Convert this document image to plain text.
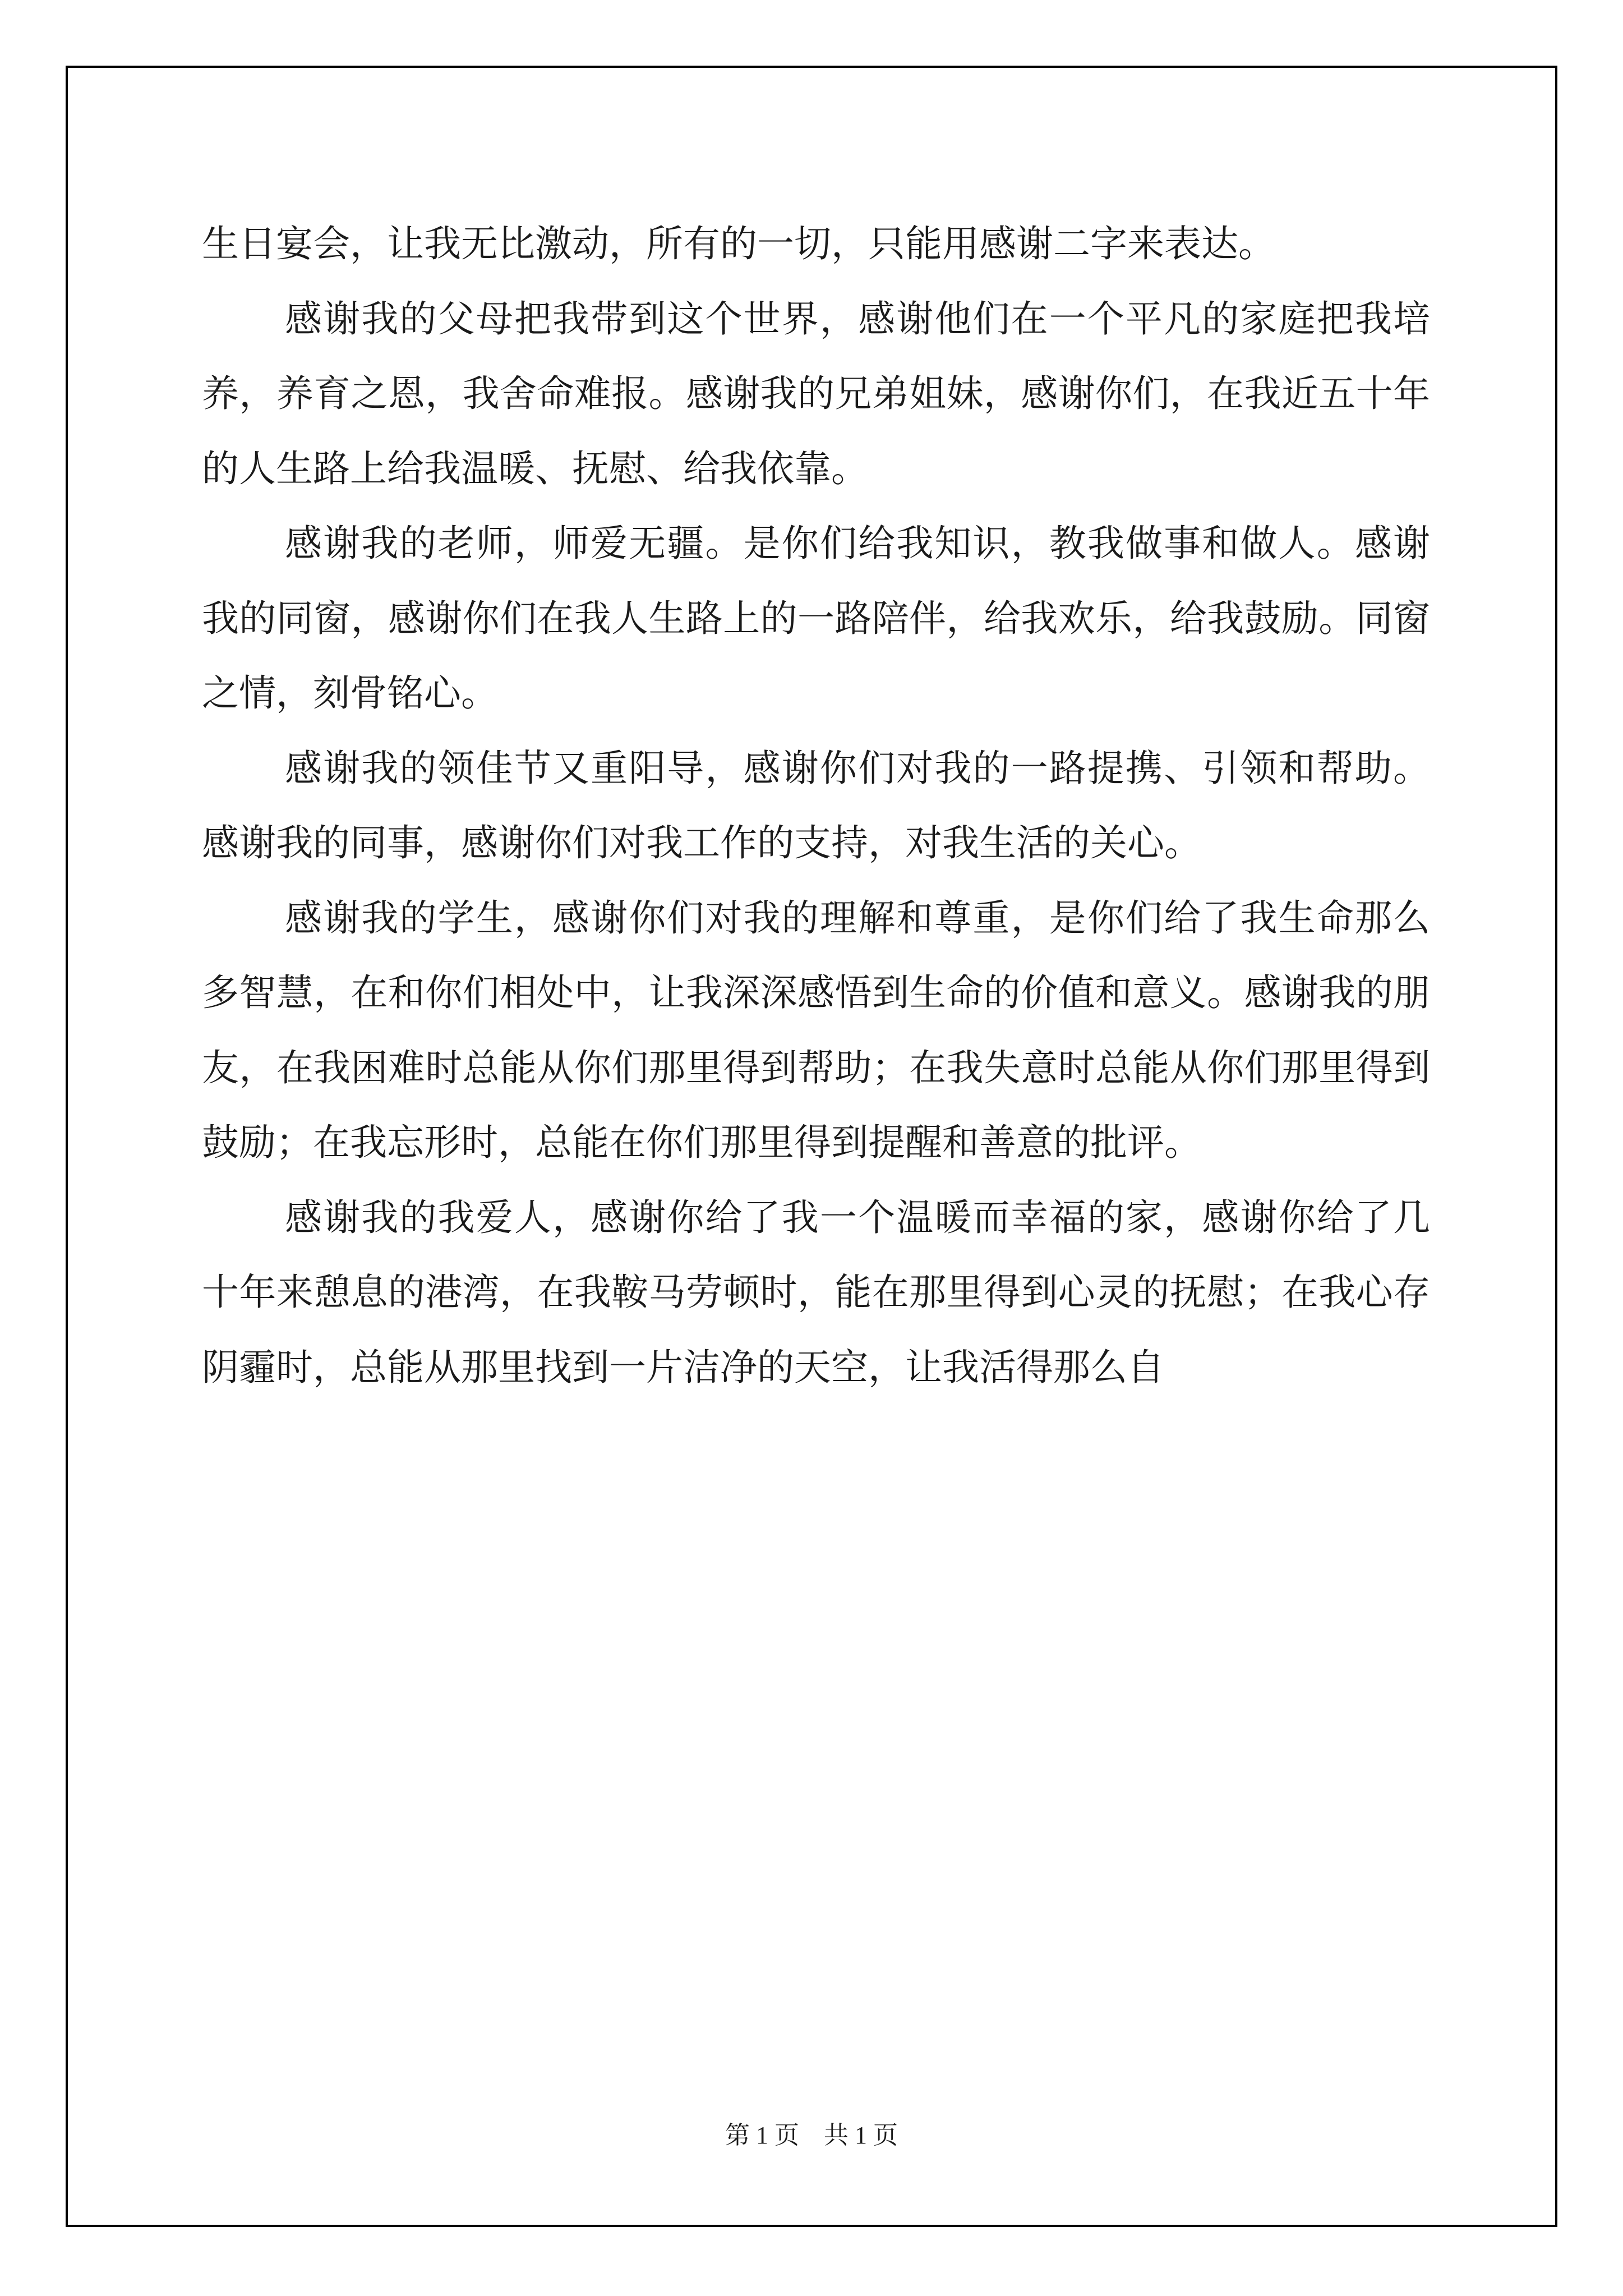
生日宴会，让我无比激动，所有的一切，只能用感谢二字来表达。

感谢我的父母把我带到这个世界，感谢他们在一个平凡的家庭把我培养，养育之恩，我舍命难报。感谢我的兄弟姐妹，感谢你们，在我近五十年的人生路上给我温暖、抚慰、给我依靠。

感谢我的老师，师爱无疆。是你们给我知识，教我做事和做人。感谢我的同窗，感谢你们在我人生路上的一路陪伴，给我欢乐，给我鼓励。同窗之情，刻骨铭心。

感谢我的领佳节又重阳导，感谢你们对我的一路提携、引领和帮助。感谢我的同事，感谢你们对我工作的支持，对我生活的关心。

感谢我的学生，感谢你们对我的理解和尊重，是你们给了我生命那么多智慧，在和你们相处中，让我深深感悟到生命的价值和意义。感谢我的朋友，在我困难时总能从你们那里得到帮助；在我失意时总能从你们那里得到鼓励；在我忘形时，总能在你们那里得到提醒和善意的批评。

感谢我的我爱人，感谢你给了我一个温暖而幸福的家，感谢你给了几十年来憩息的港湾，在我鞍马劳顿时，能在那里得到心灵的抚慰；在我心存阴霾时，总能从那里找到一片洁净的天空，让我活得那么自

第 1 页 共 1 页
